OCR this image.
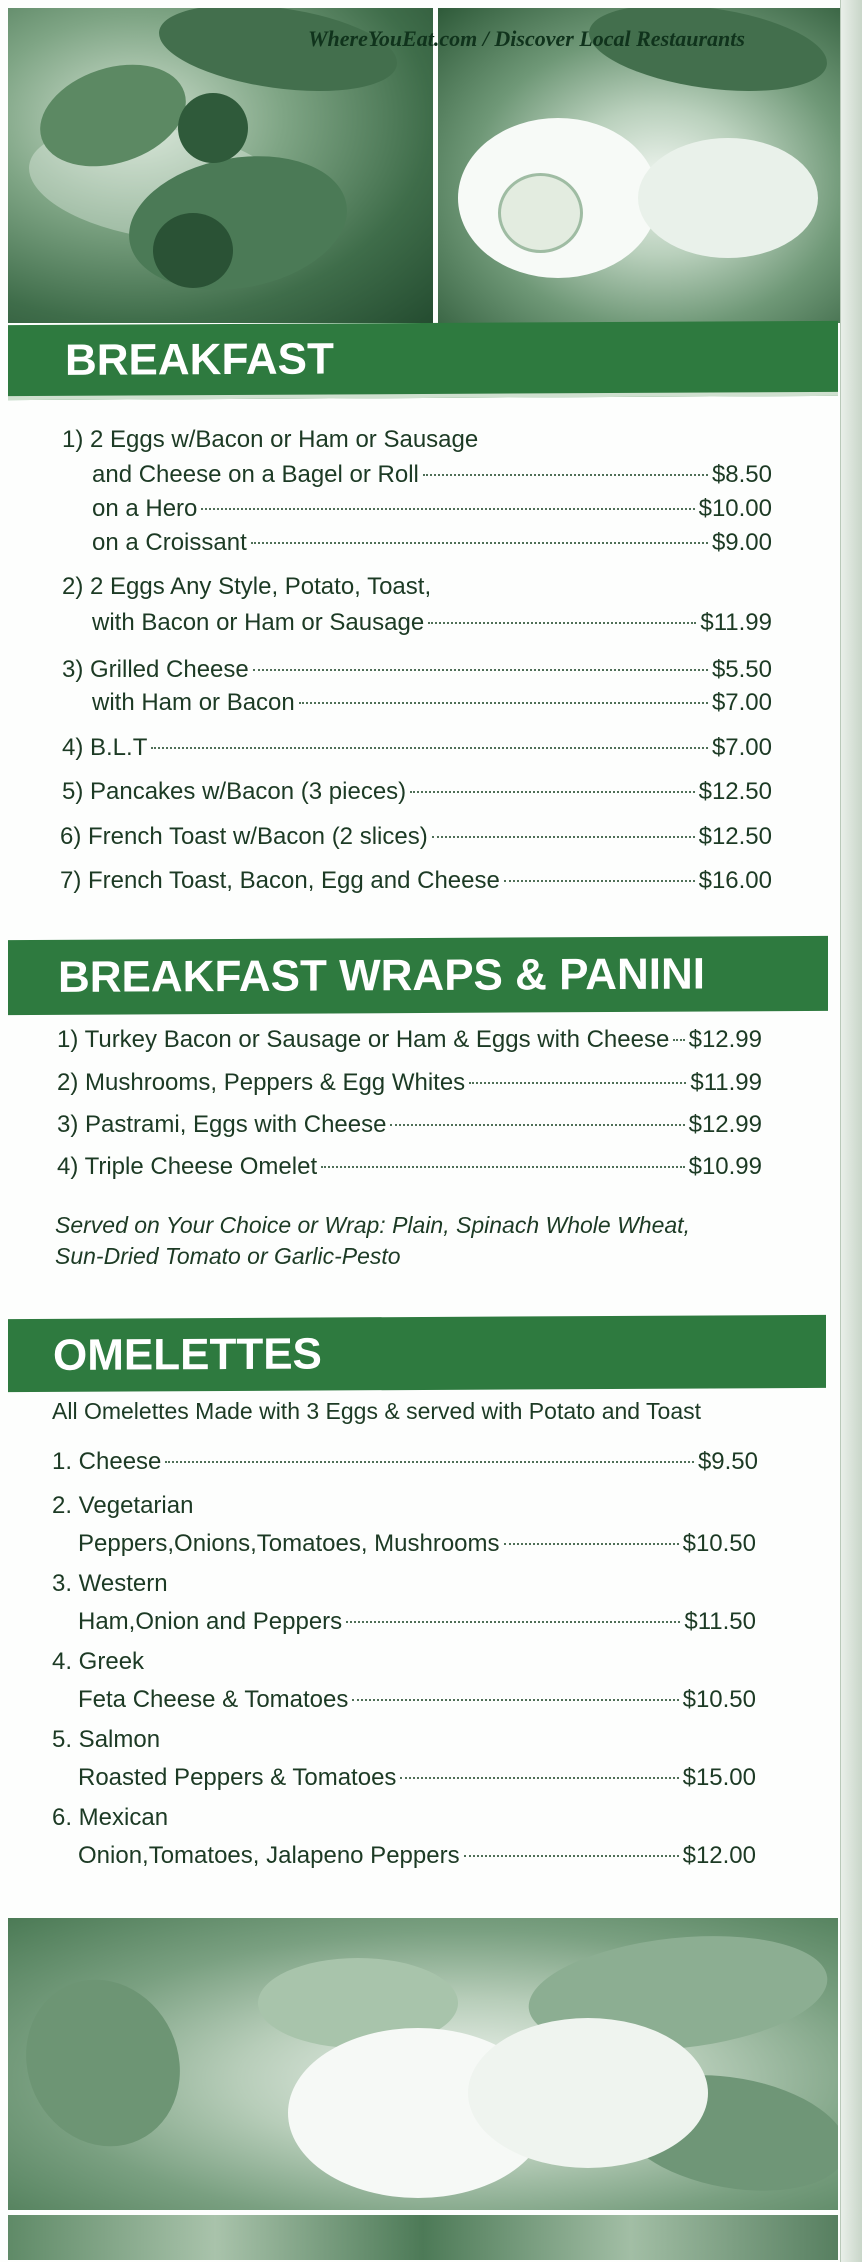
WhereYouEat.com / Discover Local Restaurants
BREAKFAST
1) 2 Eggs w/Bacon or Ham or Sausage
and Cheese on a Bagel or Roll	$8.50
on a Hero	$10.00
on a Croissant	$9.00
2) 2 Eggs Any Style, Potato, Toast,
with Bacon or Ham or Sausage	$11.99
3) Grilled Cheese	$5.50
with Ham or Bacon	$7.00
4) B.L.T	$7.00
5) Pancakes w/Bacon (3 pieces)	$12.50
6) French Toast w/Bacon (2 slices)	$12.50
7) French Toast, Bacon, Egg and Cheese	$16.00
BREAKFAST WRAPS & PANINI
1) Turkey Bacon or Sausage or Ham & Eggs with Cheese $12.99
2) Mushrooms, Peppers & Egg Whites	$11.99
3) Pastrami, Eggs with Cheese	$12.99
4) Triple Cheese Omelet	$10.99
Served on Your Choice or Wrap: Plain, Spinach Whole Wheat,
Sun-Dried Tomato or Garlic-Pesto
OMELETTES
All Omelettes Made with 3 Eggs & served with Potato and Toast
1. Cheese	$9.50
2. Vegetarian
Peppers,Onions,Tomatoes, Mushrooms	$10.50
3. Western
Ham,Onion and Peppers	$11.50
4. Greek
Feta Cheese & Tomatoes	$10.50
5. Salmon
Roasted Peppers & Tomatoes	$15.00
6. Mexican
Onion,Tomatoes, Jalapeno Peppers	$12.00
